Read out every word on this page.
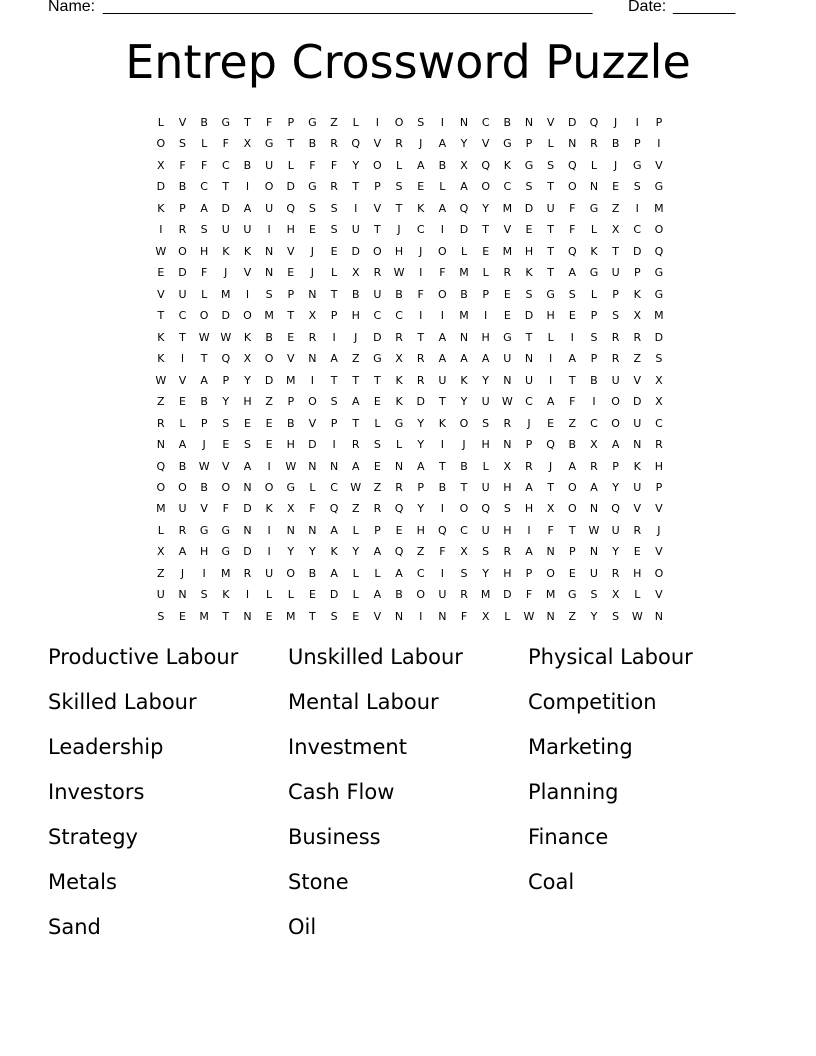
Name: _______________________________________________________ Date: _______
Entrep Crossword Puzzle
L	V	B	G	T	F	P	G	Z	L	I	O	S	I	N	C	B	N	V	D	Q	J	I	P
O	S	L	F	X	G	T	B	R	Q	V	R	J	A	Y	V	G	P	L	N	R	B	P	I
X	F	F	C	B	U	L	F	F	Y	O	L	A	B	X	Q	K	G	S	Q	L	J	G	V
D	B	C	T	I	O	D	G	R	T	P	S	E	L	A	O	C	S	T	O	N	E	S	G
K	P	A	D	A	U	Q	S	S	I	V	T	K	A	Q	Y	M	D	U	F	G	Z	I	M
I	R	S	U	U	I	H	E	S	U	T	J	C	I	D	T	V	E	T	F	L	X	C	O
W	O	H	K	K	N	V	J	E	D	O	H	J	O	L	E	M	H	T	Q	K	T	D	Q
E	D	F	J	V	N	E	J	L	X	R	W	I	F	M	L	R	K	T	A	G	U	P	G
V	U	L	M	I	S	P	N	T	B	U	B	F	O	B	P	E	S	G	S	L	P	K	G
T	C	O	D	O	M	T	X	P	H	C	C	I	I	M	I	E	D	H	E	P	S	X	M
K	T	W W	K	B	E	R	I	J	D	R	T	A	N	H	G	T	L	I	S	R	R	D
K	I	T	Q	X	O	V	N	A	Z	G	X	R	A	A	A	U	N	I	A	P	R	Z	S
W	V	A	P	Y	D	M	I	T	T	T	K	R	U	K	Y	N	U	I	T	B	U	V	X
Z	E	B	Y	H	Z	P	O	S	A	E	K	D	T	Y	U	W	C	A	F	I	O	D	X
R	L	P	S	E	E	B	V	P	T	L	G	Y	K	O	S	R	J	E	Z	C	O	U	C
N	A	J	E	S	E	H	D	I	R	S	L	Y	I	J	H	N	P	Q	B	X	A	N	R
Q	B	W	V	A	I	W	N	N	A	E	N	A	T	B	L	X	R	J	A	R	P	K	H
O	O	B	O	N	O	G	L	C	W	Z	R	P	B	T	U	H	A	T	O	A	Y	U	P
M	U	V	F	D	K	X	F	Q	Z	R	Q	Y	I	O	Q	S	H	X	O	N	Q	V	V
L	R	G	G	N	I	N	N	A	L	P	E	H	Q	C	U	H	I	F	T	W	U	R	J
X	A	H	G	D	I	Y	Y	K	Y	A	Q	Z	F	X	S	R	A	N	P	N	Y	E	V
Z	J	I	M	R	U	O	B	A	L	L	A	C	I	S	Y	H	P	O	E	U	R	H	O
U	N	S	K	I	L	L	E	D	L	A	B	O	U	R	M	D	F	M	G	S	X	L	V
S	E	M	T	N	E	M	T	S	E	V	N	I	N	F	X	L	W	N	Z	Y	S	W	N
Productive Labour	Unskilled Labour	Physical Labour
Skilled Labour	Mental Labour	Competition
Leadership	Investment	Marketing
Investors	Cash Flow	Planning
Strategy	Business	Finance
Metals	Stone	Coal
Sand	Oil
